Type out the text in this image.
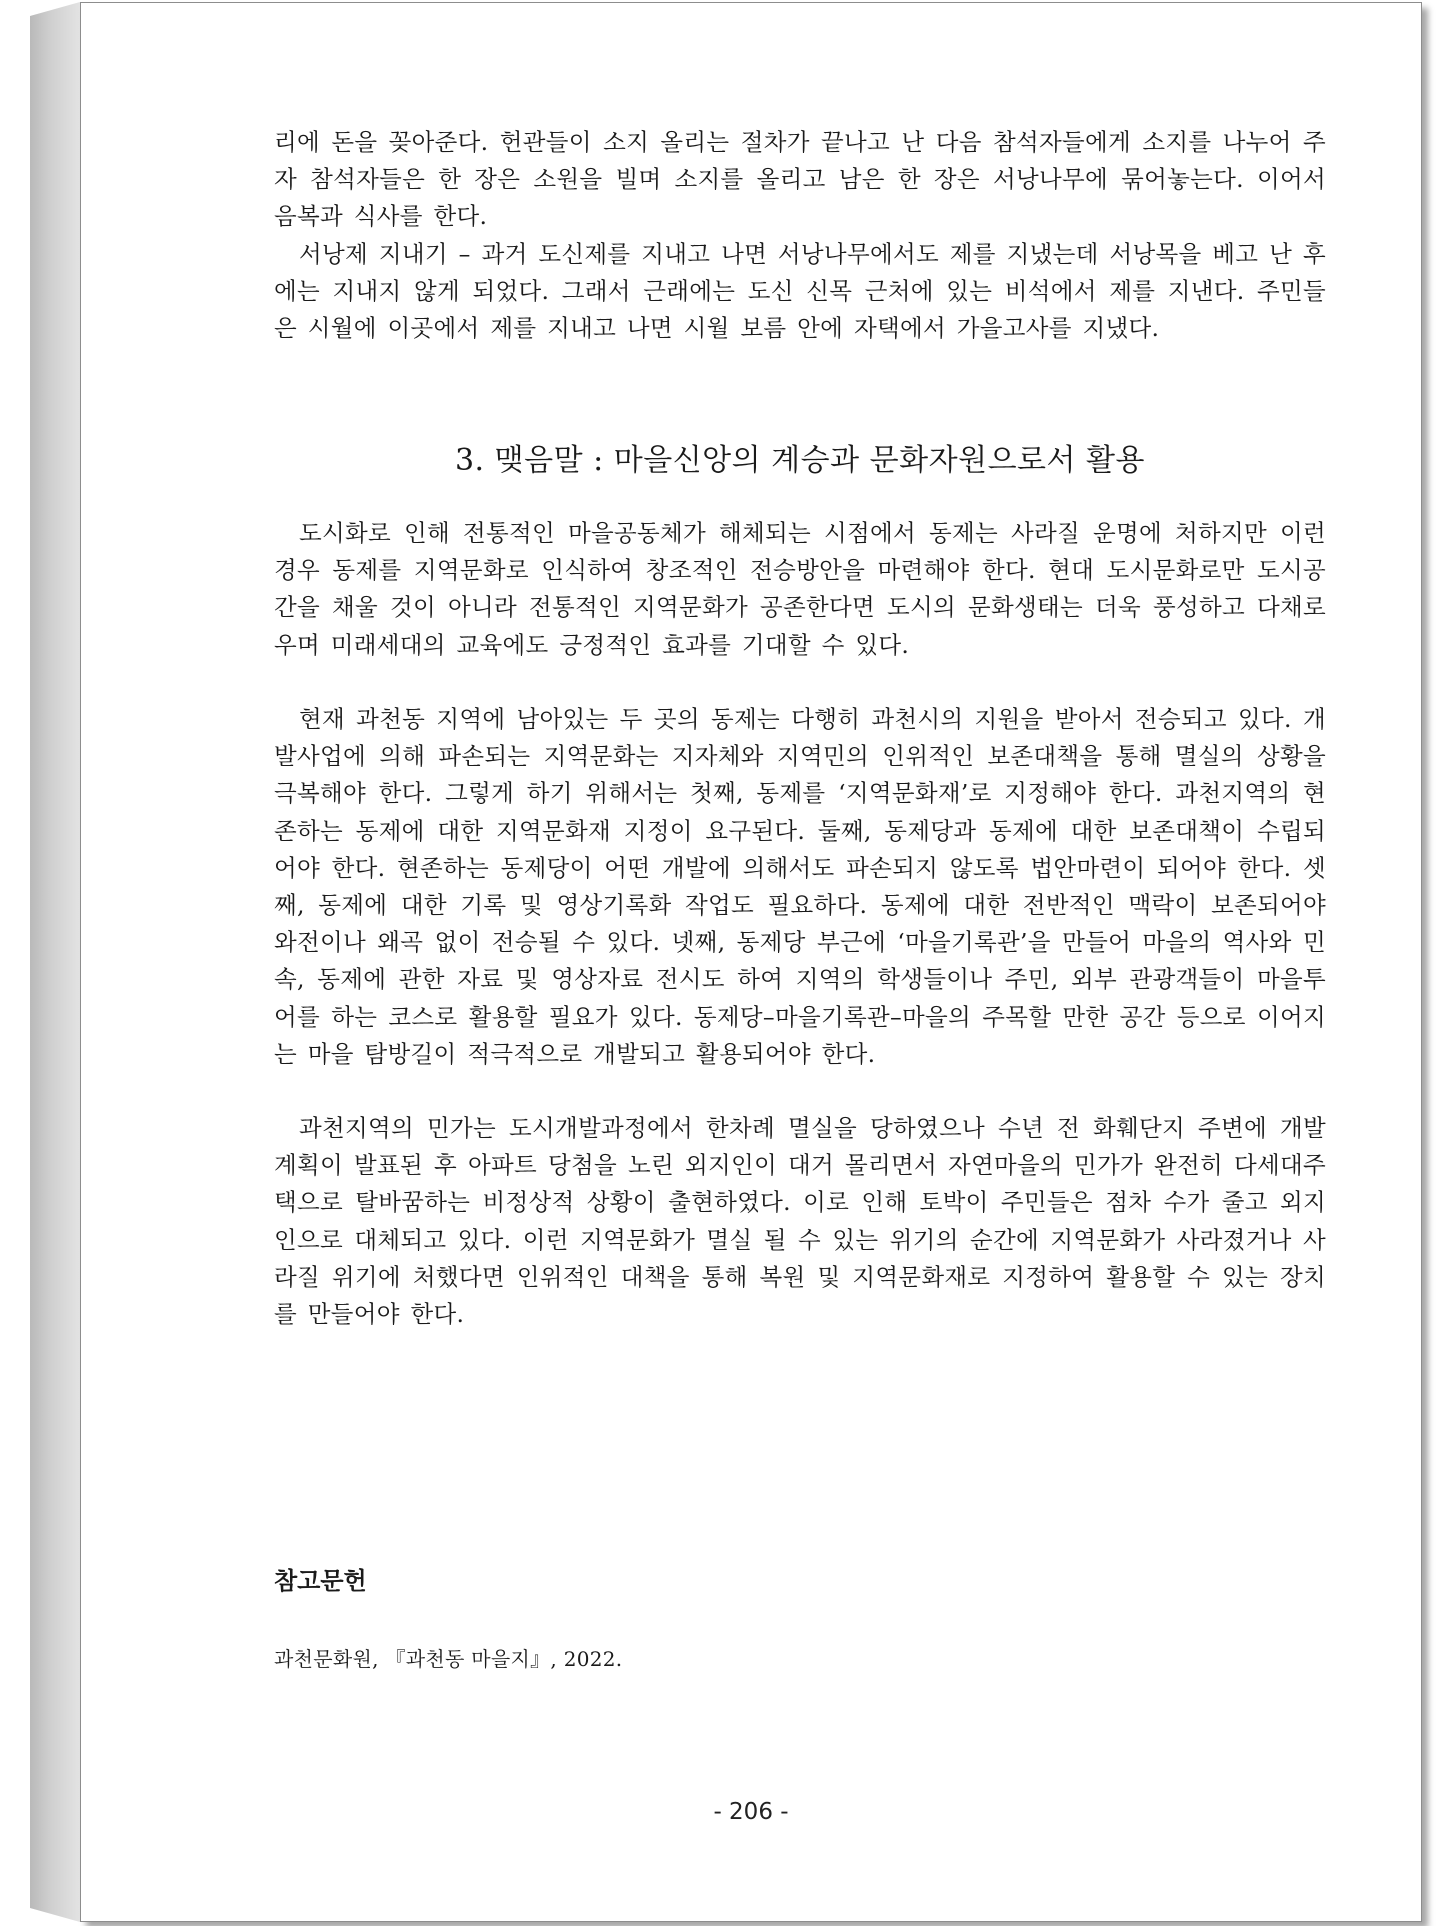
리에 돈을 꽂아준다. 헌관들이 소지 올리는 절차가 끝나고 난 다음 참석자들에게 소지를 나누어 주자 참석자들은 한 장은 소원을 빌며 소지를 올리고 남은 한 장은 서낭나무에 묶어놓는다. 이어서 음복과 식사를 한다.

서낭제 지내기 – 과거 도신제를 지내고 나면 서낭나무에서도 제를 지냈는데 서낭목을 베고 난 후에는 지내지 않게 되었다. 그래서 근래에는 도신 신목 근처에 있는 비석에서 제를 지낸다. 주민들은 시월에 이곳에서 제를 지내고 나면 시월 보름 안에 자택에서 가을고사를 지냈다.

3. 맺음말 : 마을신앙의 계승과 문화자원으로서 활용

도시화로 인해 전통적인 마을공동체가 해체되는 시점에서 동제는 사라질 운명에 처하지만 이런 경우 동제를 지역문화로 인식하여 창조적인 전승방안을 마련해야 한다. 현대 도시문화로만 도시공간을 채울 것이 아니라 전통적인 지역문화가 공존한다면 도시의 문화생태는 더욱 풍성하고 다채로우며 미래세대의 교육에도 긍정적인 효과를 기대할 수 있다.

현재 과천동 지역에 남아있는 두 곳의 동제는 다행히 과천시의 지원을 받아서 전승되고 있다. 개발사업에 의해 파손되는 지역문화는 지자체와 지역민의 인위적인 보존대책을 통해 멸실의 상황을 극복해야 한다. 그렇게 하기 위해서는 첫째, 동제를 ‘지역문화재’로 지정해야 한다. 과천지역의 현존하는 동제에 대한 지역문화재 지정이 요구된다. 둘째, 동제당과 동제에 대한 보존대책이 수립되어야 한다. 현존하는 동제당이 어떤 개발에 의해서도 파손되지 않도록 법안마련이 되어야 한다. 셋째, 동제에 대한 기록 및 영상기록화 작업도 필요하다. 동제에 대한 전반적인 맥락이 보존되어야 와전이나 왜곡 없이 전승될 수 있다. 넷째, 동제당 부근에 ‘마을기록관’을 만들어 마을의 역사와 민속, 동제에 관한 자료 및 영상자료 전시도 하여 지역의 학생들이나 주민, 외부 관광객들이 마을투어를 하는 코스로 활용할 필요가 있다. 동제당–마을기록관–마을의 주목할 만한 공간 등으로 이어지는 마을 탐방길이 적극적으로 개발되고 활용되어야 한다.

과천지역의 민가는 도시개발과정에서 한차례 멸실을 당하였으나 수년 전 화훼단지 주변에 개발계획이 발표된 후 아파트 당첨을 노린 외지인이 대거 몰리면서 자연마을의 민가가 완전히 다세대주택으로 탈바꿈하는 비정상적 상황이 출현하였다. 이로 인해 토박이 주민들은 점차 수가 줄고 외지인으로 대체되고 있다. 이런 지역문화가 멸실 될 수 있는 위기의 순간에 지역문화가 사라졌거나 사라질 위기에 처했다면 인위적인 대책을 통해 복원 및 지역문화재로 지정하여 활용할 수 있는 장치를 만들어야 한다.

참고문헌

과천문화원, 『과천동 마을지』, 2022.

- 206 -
